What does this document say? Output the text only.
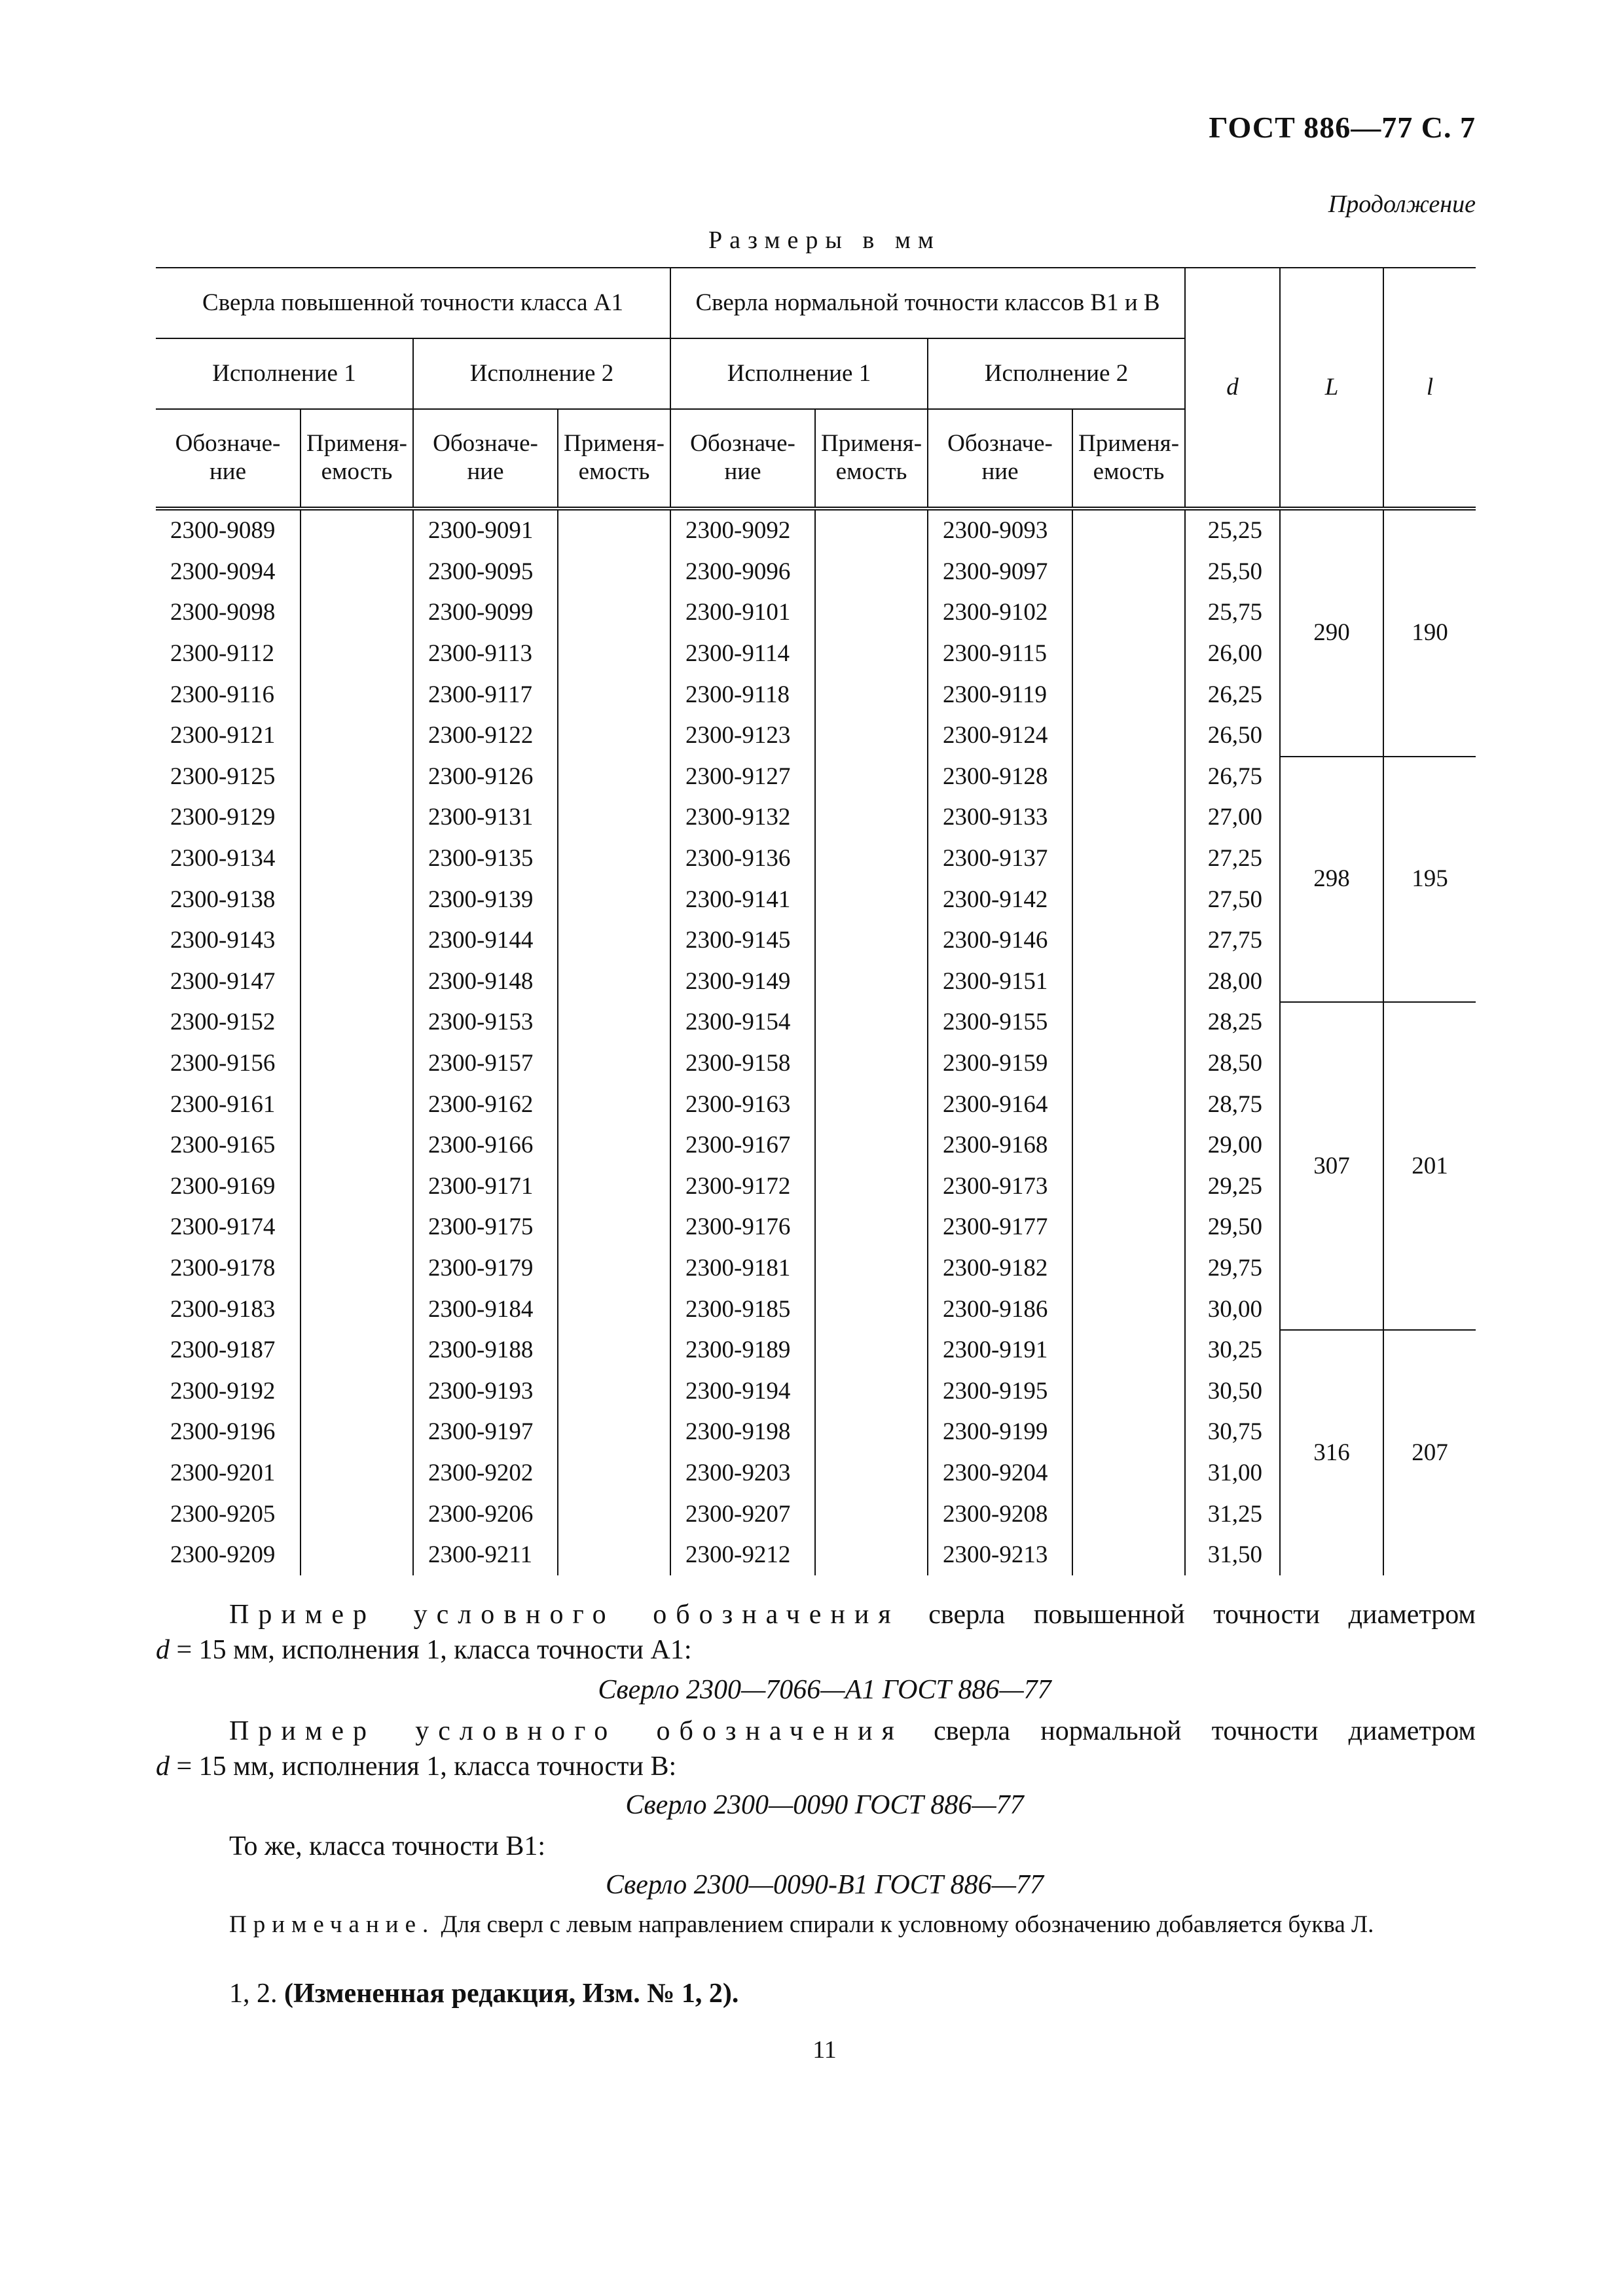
ГОСТ 886—77 С. 7
Продолжение
Размеры в мм
Сверла повышенной точности класса А1				Сверла нормальной точности классов В1 и В				d	L	l
Исполнение 1		Исполнение 2		Исполнение 1		Исполнение 2				
Обозначе- ние	Применя- емость	Обозначе- ние	Применя- емость	Обозначе- ние	Применя- емость	Обозначе- ние	Применя- емость			
2300-9089		2300-9091		2300-9092		2300-9093		25,25	290	190
2300-9094		2300-9095		2300-9096		2300-9097		25,50		
2300-9098		2300-9099		2300-9101		2300-9102		25,75		
2300-9112		2300-9113		2300-9114		2300-9115		26,00		
2300-9116		2300-9117		2300-9118		2300-9119		26,25		
2300-9121		2300-9122		2300-9123		2300-9124		26,50		
2300-9125		2300-9126		2300-9127		2300-9128		26,75	298	195
2300-9129		2300-9131		2300-9132		2300-9133		27,00		
2300-9134		2300-9135		2300-9136		2300-9137		27,25		
2300-9138		2300-9139		2300-9141		2300-9142		27,50		
2300-9143		2300-9144		2300-9145		2300-9146		27,75		
2300-9147		2300-9148		2300-9149		2300-9151		28,00		
2300-9152		2300-9153		2300-9154		2300-9155		28,25	307	201
2300-9156		2300-9157		2300-9158		2300-9159		28,50		
2300-9161		2300-9162		2300-9163		2300-9164		28,75		
2300-9165		2300-9166		2300-9167		2300-9168		29,00		
2300-9169		2300-9171		2300-9172		2300-9173		29,25		
2300-9174		2300-9175		2300-9176		2300-9177		29,50		
2300-9178		2300-9179		2300-9181		2300-9182		29,75		
2300-9183		2300-9184		2300-9185		2300-9186		30,00		
2300-9187		2300-9188		2300-9189		2300-9191		30,25	316	207
2300-9192		2300-9193		2300-9194		2300-9195		30,50		
2300-9196		2300-9197		2300-9198		2300-9199		30,75		
2300-9201		2300-9202		2300-9203		2300-9204		31,00		
2300-9205		2300-9206		2300-9207		2300-9208		31,25		
2300-9209		2300-9211		2300-9212		2300-9213		31,50		
Пример условного обозначения сверла повышенной точности диаметром
d = 15 мм, исполнения 1, класса точности А1:
Сверло 2300—7066—А1 ГОСТ 886—77
Пример условного обозначения сверла нормальной точности диаметром
d = 15 мм, исполнения 1, класса точности В:
Сверло 2300—0090 ГОСТ 886—77
То же, класса точности В1:
Сверло 2300—0090-В1 ГОСТ 886—77
Примечание. Для сверл с левым направлением спирали к условному обозначению добавляется буква Л.
1, 2. (Измененная редакция, Изм. № 1, 2).
11
